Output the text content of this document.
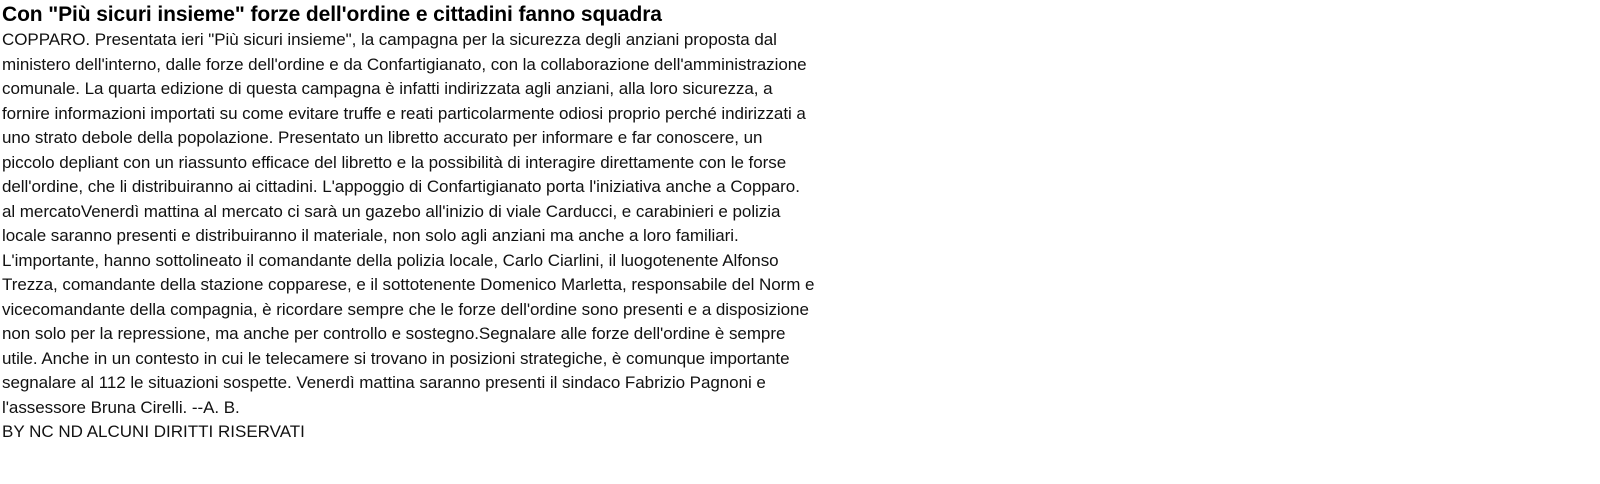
Con "Più sicuri insieme" forze dell'ordine e cittadini fanno squadra

COPPARO. Presentata ieri "Più sicuri insieme", la campagna per la sicurezza degli anziani proposta dal ministero dell'interno, dalle forze dell'ordine e da Confartigianato, con la collaborazione dell'amministrazione comunale. La quarta edizione di questa campagna è infatti indirizzata agli anziani, alla loro sicurezza, a fornire informazioni importati su come evitare truffe e reati particolarmente odiosi proprio perché indirizzati a uno strato debole della popolazione. Presentato un libretto accurato per informare e far conoscere, un piccolo depliant con un riassunto efficace del libretto e la possibilità di interagire direttamente con le forse dell'ordine, che li distribuiranno ai cittadini. L'appoggio di Confartigianato porta l'iniziativa anche a Copparo. al mercatoVenerdì mattina al mercato ci sarà un gazebo all'inizio di viale Carducci, e carabinieri e polizia locale saranno presenti e distribuiranno il materiale, non solo agli anziani ma anche a loro familiari. L'importante, hanno sottolineato il comandante della polizia locale, Carlo Ciarlini, il luogotenente Alfonso Trezza, comandante della stazione copparese, e il sottotenente Domenico Marletta, responsabile del Norm e vicecomandante della compagnia, è ricordare sempre che le forze dell'ordine sono presenti e a disposizione non solo per la repressione, ma anche per controllo e sostegno.Segnalare alle forze dell'ordine è sempre utile. Anche in un contesto in cui le telecamere si trovano in posizioni strategiche, è comunque importante segnalare al 112 le situazioni sospette. Venerdì mattina saranno presenti il sindaco Fabrizio Pagnoni e l'assessore Bruna Cirelli. --A. B.

BY NC ND ALCUNI DIRITTI RISERVATI
